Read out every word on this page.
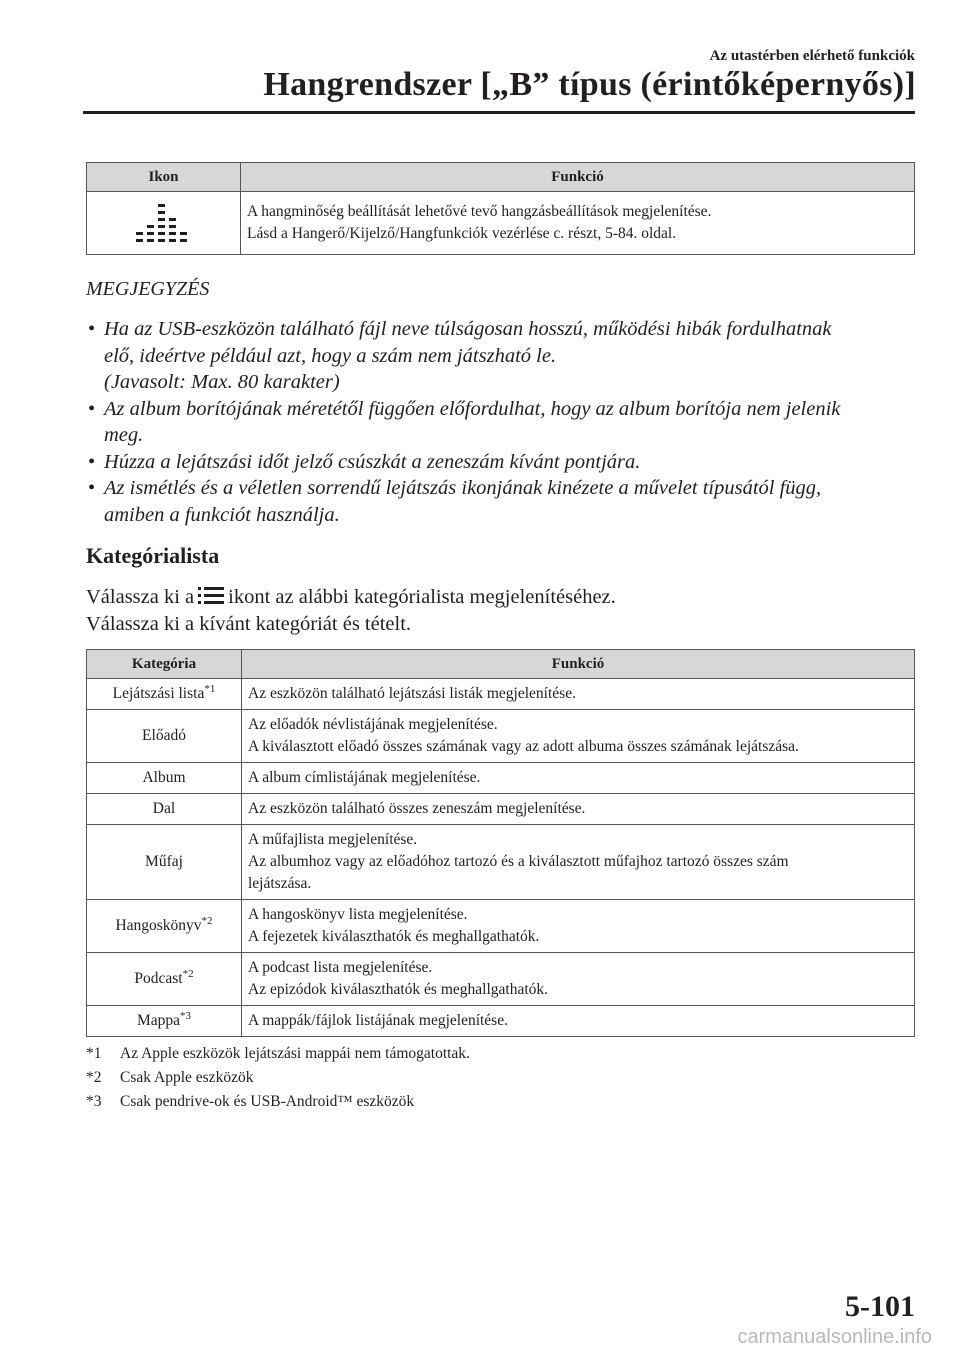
Az utastérben elérhető funkciók
Hangrendszer [„B” típus (érintőképernyős)]
Ikon	Funkció

A hangminőség beállítását lehetővé tevő hangzásbeállítások megjelenítése.
Lásd a Hangerő/Kijelző/Hangfunkciók vezérlése c. részt, 5-84. oldal.
MEGJEGYZÉS
• Ha az USB-eszközön található fájl neve túlságosan hosszú, működési hibák fordulhatnak
elő, ideértve például azt, hogy a szám nem játszható le.
(Javasolt: Max. 80 karakter)
• Az album borítójának méretétől függően előfordulhat, hogy az album borítója nem jelenik
meg.
• Húzza a lejátszási időt jelző csúszkát a zeneszám kívánt pontjára.
• Az ismétlés és a véletlen sorrendű lejátszás ikonjának kinézete a művelet típusától függ,
amiben a funkciót használja.
Kategórialista
Válassza ki a ikont az alábbi kategórialista megjelenítéséhez.
Válassza ki a kívánt kategóriát és tételt.
Kategória	Funkció
Lejátszási lista$^{*1}$	Az eszközön található lejátszási listák megjelenítése.

Előadó	Az előadók névlistájának megjelenítése.
A kiválasztott előadó összes számának vagy az adott albuma összes számának lejátszása.

Album	A album címlistájának megjelenítése.

Dal	Az eszközön található összes zeneszám megjelenítése.

Műfaj	A műfajlista megjelenítése.
Az albumhoz vagy az előadóhoz tartozó és a kiválasztott műfajhoz tartozó összes szám
lejátszása.

Hangoskönyv$^{*2}$	A hangoskönyv lista megjelenítése.
A fejezetek kiválaszthatók és meghallgathatók.

Podcast$^{*2}$	A podcast lista megjelenítése.
Az epizódok kiválaszthatók és meghallgathatók.

Mappa$^{*3}$	A mappák/fájlok listájának megjelenítése.
*1 Az Apple eszközök lejátszási mappái nem támogatottak.
*2 Csak Apple eszközök
*3 Csak pendrive-ok és USB-Android™ eszközök
5-101
carmanualsonline.info
